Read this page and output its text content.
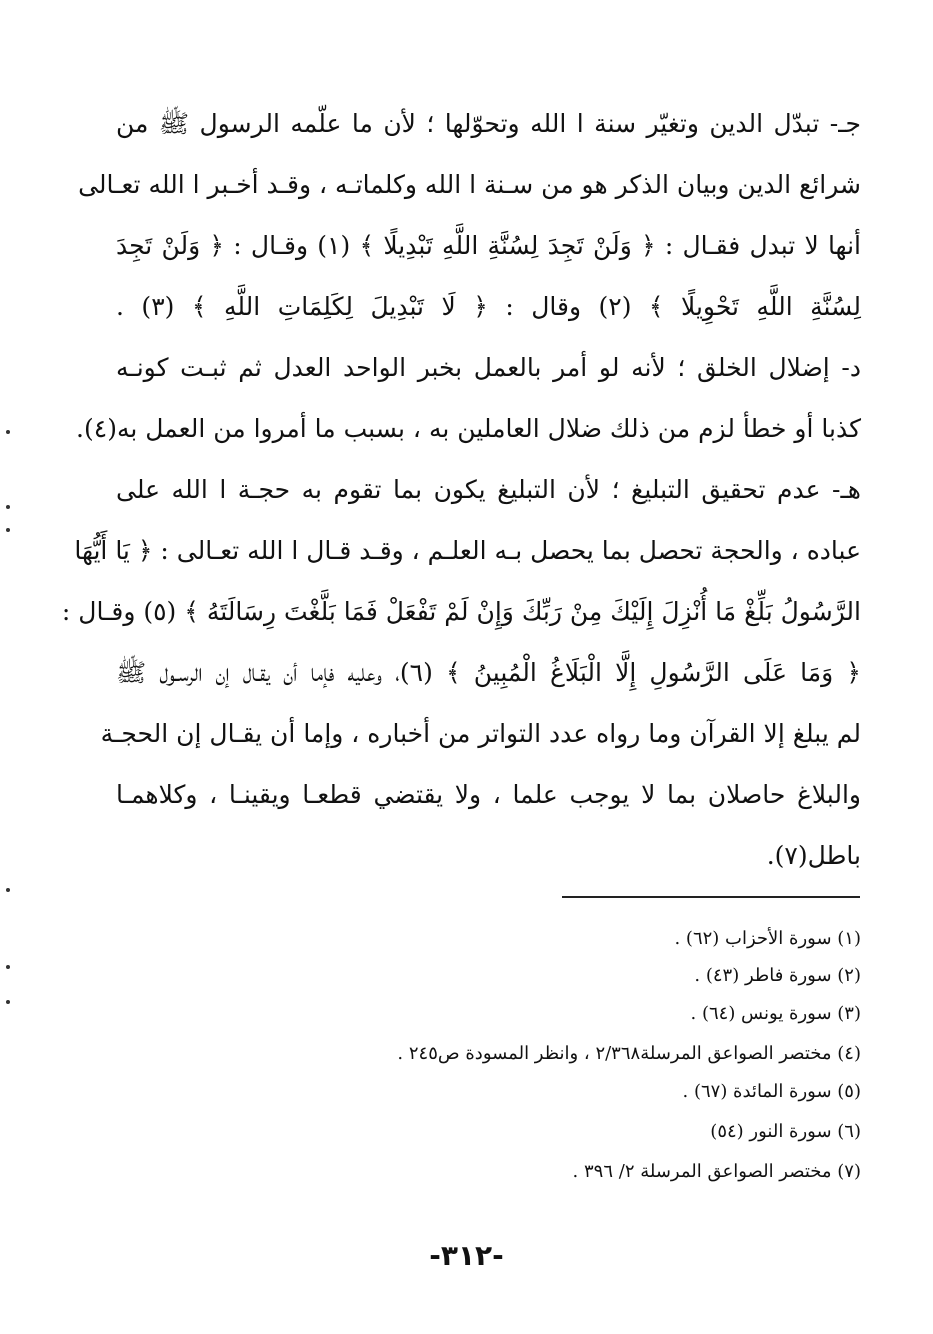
جـ- تبدّل الدين وتغيّر سنة ا الله وتحوّلها ؛ لأن ما علّمه الرسول ﷺ من
شرائع الدين وبيان الذكر هو من سـنة ا الله وكلماتـه ، وقـد أخـبر ا الله تعـالى
أنها لا تبدل فقـال : ﴿ وَلَنْ تَجِدَ لِسُنَّةِ اللَّهِ تَبْدِيلًا ﴾ (١) وقـال : ﴿ وَلَنْ تَجِدَ
لِسُنَّةِ اللَّهِ تَحْوِيلًا ﴾ (٢) وقال : ﴿ لَا تَبْدِيلَ لِكَلِمَاتِ اللَّهِ ﴾ (٣) .
د- إضلال الخلق ؛ لأنه لو أمر بالعمل بخبر الواحد العدل ثم ثبـت كونـه
كذبا أو خطأ لزم من ذلك ضلال العاملين به ، بسبب ما أمروا من العمل به(٤).
هـ- عدم تحقيق التبليغ ؛ لأن التبليغ يكون بما تقوم به حجـة ا الله على
عباده ، والحجة تحصل بما يحصل بـه العلـم ، وقـد قـال ا الله تعـالى : ﴿ يَا أَيُّهَا
الرَّسُولُ بَلِّغْ مَا أُنْزِلَ إِلَيْكَ مِنْ رَبِّكَ وَإِنْ لَمْ تَفْعَلْ فَمَا بَلَّغْتَ رِسَالَتَهُ ﴾ (٥) وقـال :
﴿ وَمَا عَلَى الرَّسُولِ إِلَّا الْبَلَاغُ الْمُبِينُ ﴾ (٦)، وعليه فإما أن يقـال إن الرسـول ﷺ
لم يبلغ إلا القرآن وما رواه عدد التواتر من أخباره ، وإما أن يقـال إن الحجـة
والبلاغ حاصلان بما لا يوجب علما ، ولا يقتضي قطعـا ويقينـا ، وكلاهمـا
باطل(٧).
(١) سورة الأحزاب (٦٢) .
(٢) سورة فاطر (٤٣) .
(٣) سورة يونس (٦٤) .
(٤) مختصر الصواعق المرسلة٢/٣٦٨ ، وانظر المسودة ص٢٤٥ .
(٥) سورة المائدة (٦٧) .
(٦) سورة النور (٥٤)
(٧) مختصر الصواعق المرسلة ٢/ ٣٩٦ .
-٣١٢-
